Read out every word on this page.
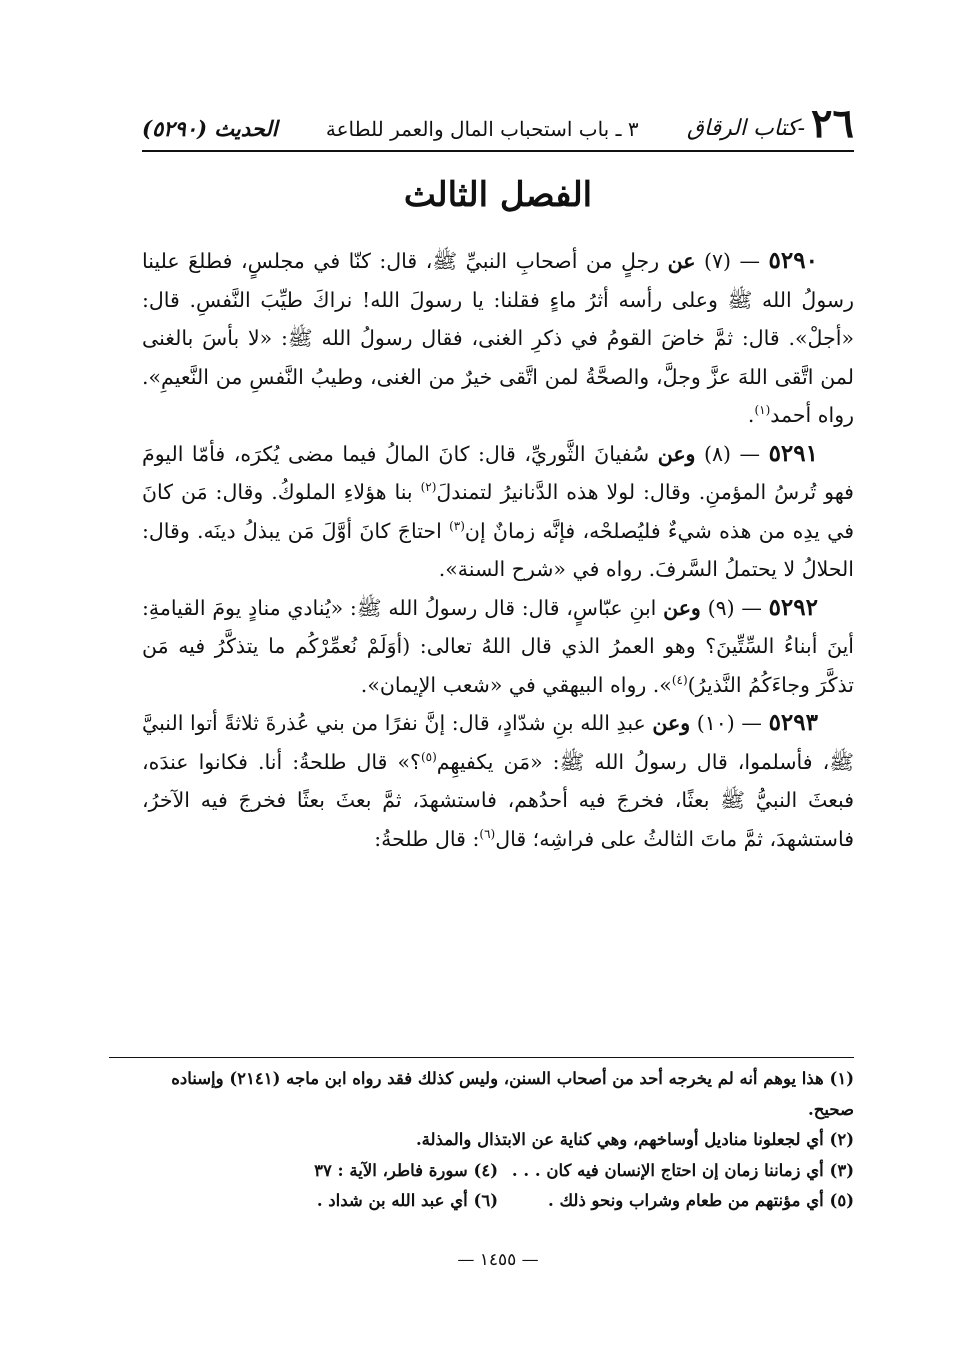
٢٦
-كتاب الرقاق
٣ ـ باب استحباب المال والعمر للطاعة
الحديث (٥٢٩٠)
الفصل الثالث

٥٢٩٠ — (٧) عن رجلٍ من أصحابِ النبيِّ ﷺ، قال: كنّا في مجلسٍ، فطلعَ علينا رسولُ الله ﷺ وعلى رأسه أثرُ ماءٍ فقلنا: يا رسولَ الله! نراكَ طيِّبَ النَّفسِ. قال: «أجلْ». قال: ثمَّ خاضَ القومُ في ذكرِ الغنى، فقال رسولُ الله ﷺ: «لا بأسَ بالغنى لمن اتَّقى اللهَ عزَّ وجلَّ، والصحَّةُ لمن اتَّقى خيرٌ من الغنى، وطيبُ النَّفسِ من النَّعيمِ». رواه أحمد$^{(١)}$.

٥٢٩١ — (٨) وعن سُفيانَ الثَّوريِّ، قال: كانَ المالُ فيما مضى يُكرَه، فأمّا اليومَ فهو تُرسُ المؤمنِ. وقال: لولا هذه الدَّنانيرُ لتمندلَ$^{(٢)}$ بنا هؤلاءِ الملوكُ. وقال: مَن كانَ في يدِه من هذه شيءٌ فليُصلحْه، فإنَّه زمانٌ إن$^{(٣)}$ احتاجَ كانَ أوَّلَ مَن يبذلُ دينَه. وقال: الحلالُ لا يحتملُ السَّرفَ. رواه في «شرح السنة».

٥٢٩٢ — (٩) وعن ابنِ عبّاسٍ، قال: قال رسولُ الله ﷺ: «يُنادي منادٍ يومَ القيامةِ: أينَ أبناءُ السِّتِّينَ؟ وهو العمرُ الذي قال اللهُ تعالى: (أوَلَمْ نُعمِّرْكُم ما يتذكَّرُ فيه مَن تذكَّرَ وجاءَكُمُ النَّذيرُ)$^{(٤)}$». رواه البيهقي في «شعب الإيمان».

٥٢٩٣ — (١٠) وعن عبدِ الله بنِ شدّادٍ، قال: إنَّ نفرًا من بني عُذرةَ ثلاثةً أتوا النبيَّ ﷺ، فأسلموا، قال رسولُ الله ﷺ: «مَن يكفيهِم$^{(٥)}$؟» قال طلحةُ: أنا. فكانوا عندَه، فبعثَ النبيُّ ﷺ بعثًا، فخرجَ فيه أحدُهم، فاستشهدَ، ثمَّ بعثَ بعثًا فخرجَ فيه الآخرُ، فاستشهدَ، ثمَّ ماتَ الثالثُ على فراشِه؛ قال$^{(٦)}$: قال طلحةُ:

(١) هذا يوهم أنه لم يخرجه أحد من أصحاب السنن، وليس كذلك فقد رواه ابن ماجه (٢١٤١) وإسناده صحيح.

(٢) أي لجعلونا مناديل أوساخهم، وهي كناية عن الابتذال والمذلة.

(٣) أي زماننا زمان إن احتاج الإنسان فيه كان . . .

(٤) سورة فاطر، الآية : ٣٧

(٥) أي مؤنتهم من طعام وشراب ونحو ذلك .

(٦) أي عبد الله بن شداد .

— ١٤٥٥ —
